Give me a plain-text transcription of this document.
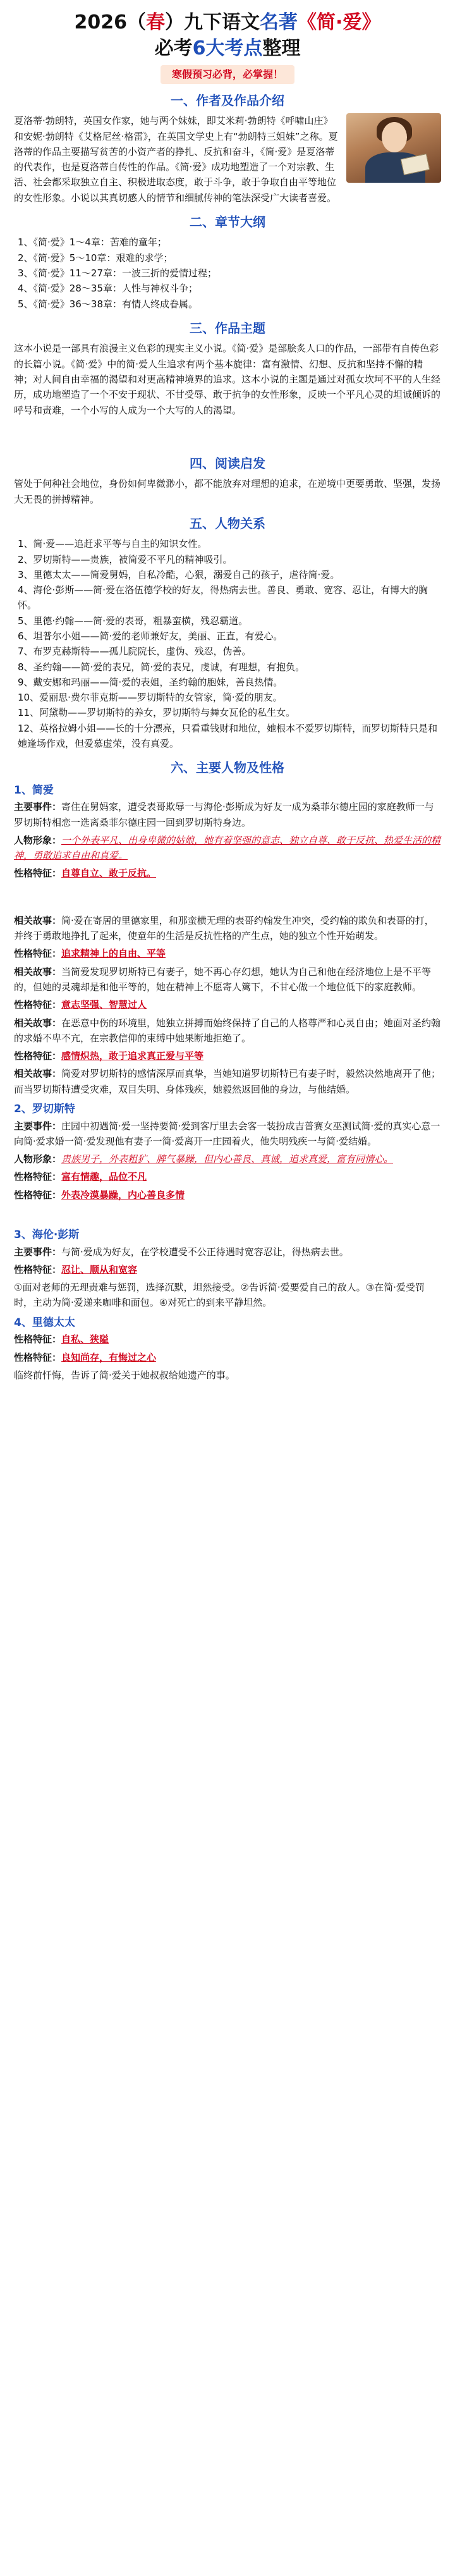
2026（春）九下语文名著《简·爱》
必考6大考点整理
寒假预习必背，必掌握！
一、作者及作品介绍

夏洛蒂·勃朗特，英国女作家，她与两个妹妹，即艾米莉·勃朗特《呼啸山庄》和安妮·勃朗特《艾格尼丝·格雷》，在英国文学史上有“勃朗特三姐妹”之称。夏洛蒂的作品主要描写贫苦的小资产者的挣扎、反抗和奋斗，《简·爱》是夏洛蒂的代表作，也是夏洛蒂自传性的作品。《简·爱》成功地塑造了一个对宗教、生活、社会都采取独立自主、积极进取态度，敢于斗争，敢于争取自由平等地位的女性形象。小说以其真切感人的情节和细腻传神的笔法深受广大读者喜爱。

二、章节大纲
1、《简·爱》1～4章：苦难的童年；
2、《简·爱》5～10章：艰难的求学；
3、《简·爱》11～27章：一波三折的爱情过程；
4、《简·爱》28～35章：人性与神权斗争；
5、《简·爱》36～38章：有情人终成眷属。
三、作品主题

这本小说是一部具有浪漫主义色彩的现实主义小说。《简·爱》是部脍炙人口的作品，一部带有自传色彩的长篇小说。《简·爱》中的简·爱人生追求有两个基本旋律：富有激情、幻想、反抗和坚持不懈的精神；对人间自由幸福的渴望和对更高精神境界的追求。这本小说的主题是通过对孤女坎坷不平的人生经历，成功地塑造了一个不安于现状、不甘受辱、敢于抗争的女性形象，反映一个平凡心灵的坦诚倾诉的呼号和责难，一个小写的人成为一个大写的人的渴望。

四、阅读启发

管处于何种社会地位，身份如何卑微渺小，都不能放弃对理想的追求，在逆境中更要勇敢、坚强，发扬大无畏的拼搏精神。

五、人物关系
1、简·爱——追赶求平等与自主的知识女性。
2、罗切斯特——贵族，被简爱不平凡的精神吸引。
3、里德太太——简爱舅妈，自私冷酷，心狠，溺爱自己的孩子，虐待简·爱。
4、海伦·彭斯——简·爱在洛伍德学校的好友，得热病去世。善良、勇敢、宽容、忍让，有博大的胸怀。
5、里德·约翰——简·爱的表哥，粗暴蛮横，残忍霸道。
6、坦普尔小姐——简·爱的老师兼好友，美丽、正直，有爱心。
7、布罗克赫斯特——孤儿院院长，虚伪、残忍，伪善。
8、圣约翰——简·爱的表兄，简·爱的表兄，虔诚，有理想，有抱负。
9、戴安娜和玛丽——简·爱的表姐，圣约翰的胞妹，善良热情。
10、爱丽思·费尔菲克斯——罗切斯特的女管家，简·爱的朋友。
11、阿黛勒——罗切斯特的养女，罗切斯特与舞女瓦伦的私生女。
12、英格拉姆小姐——长的十分漂亮，只看重钱财和地位，她根本不爱罗切斯特，而罗切斯特只是和她逢场作戏，但爱慕虚荣，没有真爱。
六、主要人物及性格
1、简爱
主要事件：寄住在舅妈家，遭受表哥欺辱一与海伦·彭斯成为好友一成为桑菲尔德庄园的家庭教师一与罗切斯特相恋一选离桑菲尔德庄园一回到罗切斯特身边。
人物形象：一个外表平凡、出身卑微的姑娘，她有着坚强的意志、独立自尊、敢于反抗、热爱生活的精神，勇敢追求自由和真爱。
性格特征：自尊自立、敢于反抗。
相关故事：简·爱在寄居的里德家里，和那蛮横无理的表哥约翰发生冲突，受约翰的欺负和表哥的打，并终于勇敢地挣扎了起来，使童年的生活是反抗性格的产生点，她的独立个性开始萌发。
性格特征：追求精神上的自由、平等
相关故事：当简爱发现罗切斯特已有妻子，她不再心存幻想，她认为自己和他在经济地位上是不平等的，但她的灵魂却是和他平等的，她在精神上不愿寄人篱下，不甘心做一个地位低下的家庭教师。
性格特征：意志坚强、智慧过人
相关故事：在恶意中伤的环境里，她独立拼搏而始终保持了自己的人格尊严和心灵自由；她面对圣约翰的求婚不卑不亢，在宗教信仰的束缚中她果断地拒绝了。
性格特征：感情炽热，敢于追求真正爱与平等
相关故事：简爱对罗切斯特的感情深厚而真挚，当她知道罗切斯特已有妻子时，毅然决然地离开了他；而当罗切斯特遭受灾难，双目失明、身体残疾，她毅然返回他的身边，与他结婚。
2、罗切斯特
主要事件：庄园中初遇简·爱一坚持要简·爱到客厅里去会客一装扮成吉普赛女巫测试简·爱的真实心意一向简·爱求婚一简·爱发现他有妻子一简·爱离开一庄园着火，他失明残疾一与简·爱结婚。
人物形象：贵族男子，外表粗犷、脾气暴躁，但内心善良、真诚，追求真爱，富有同情心。
性格特征：富有情趣，品位不凡
性格特征：外表冷漠暴躁，内心善良多情
3、海伦·彭斯
主要事件：与简·爱成为好友，在学校遭受不公正待遇时宽容忍让，得热病去世。
性格特征：忍让、顺从和宽容
①面对老师的无理责难与惩罚，选择沉默，坦然接受。②告诉简·爱要爱自己的敌人。③在简·爱受罚时，主动为简·爱递来咖啡和面包。④对死亡的到来平静坦然。
4、里德太太
性格特征：自私、狭隘
性格特征：良知尚存，有悔过之心
临终前忏悔，告诉了简·爱关于她叔叔给她遗产的事。
